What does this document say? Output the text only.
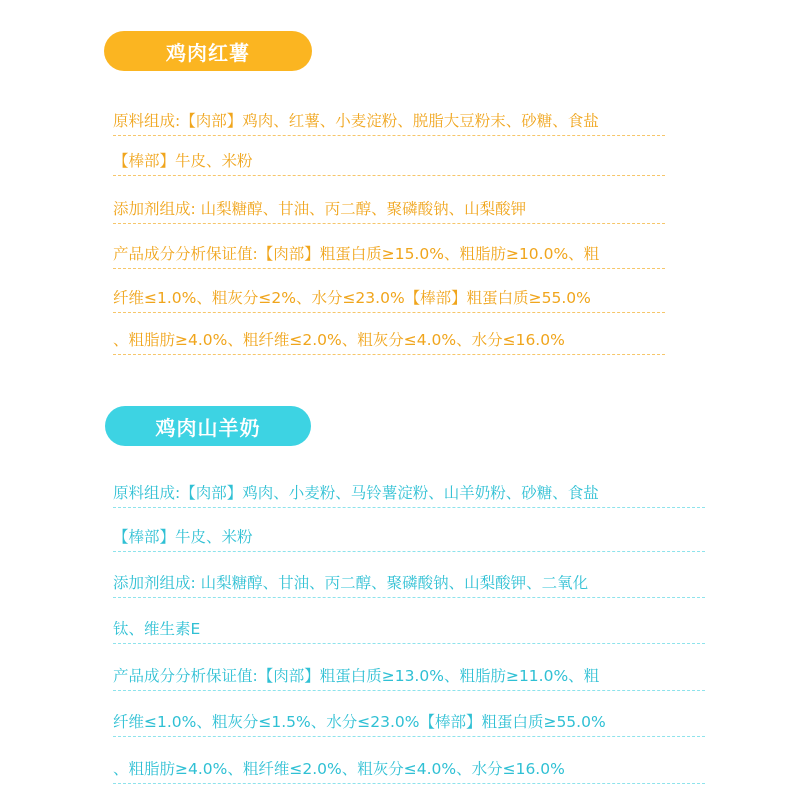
鸡肉红薯
原料组成:【肉部】鸡肉、红薯、小麦淀粉、脱脂大豆粉末、砂糖、食盐
【棒部】牛皮、米粉
添加剂组成: 山梨糖醇、甘油、丙二醇、聚磷酸钠、山梨酸钾
产品成分分析保证值:【肉部】粗蛋白质≥15.0%、粗脂肪≥10.0%、粗
纤维≤1.0%、粗灰分≤2%、水分≤23.0%【棒部】粗蛋白质≥55.0%
、粗脂肪≥4.0%、粗纤维≤2.0%、粗灰分≤4.0%、水分≤16.0%
鸡肉山羊奶
原料组成:【肉部】鸡肉、小麦粉、马铃薯淀粉、山羊奶粉、砂糖、食盐
【棒部】牛皮、米粉
添加剂组成: 山梨糖醇、甘油、丙二醇、聚磷酸钠、山梨酸钾、二氧化
钛、维生素E
产品成分分析保证值:【肉部】粗蛋白质≥13.0%、粗脂肪≥11.0%、粗
纤维≤1.0%、粗灰分≤1.5%、水分≤23.0%【棒部】粗蛋白质≥55.0%
、粗脂肪≥4.0%、粗纤维≤2.0%、粗灰分≤4.0%、水分≤16.0%
